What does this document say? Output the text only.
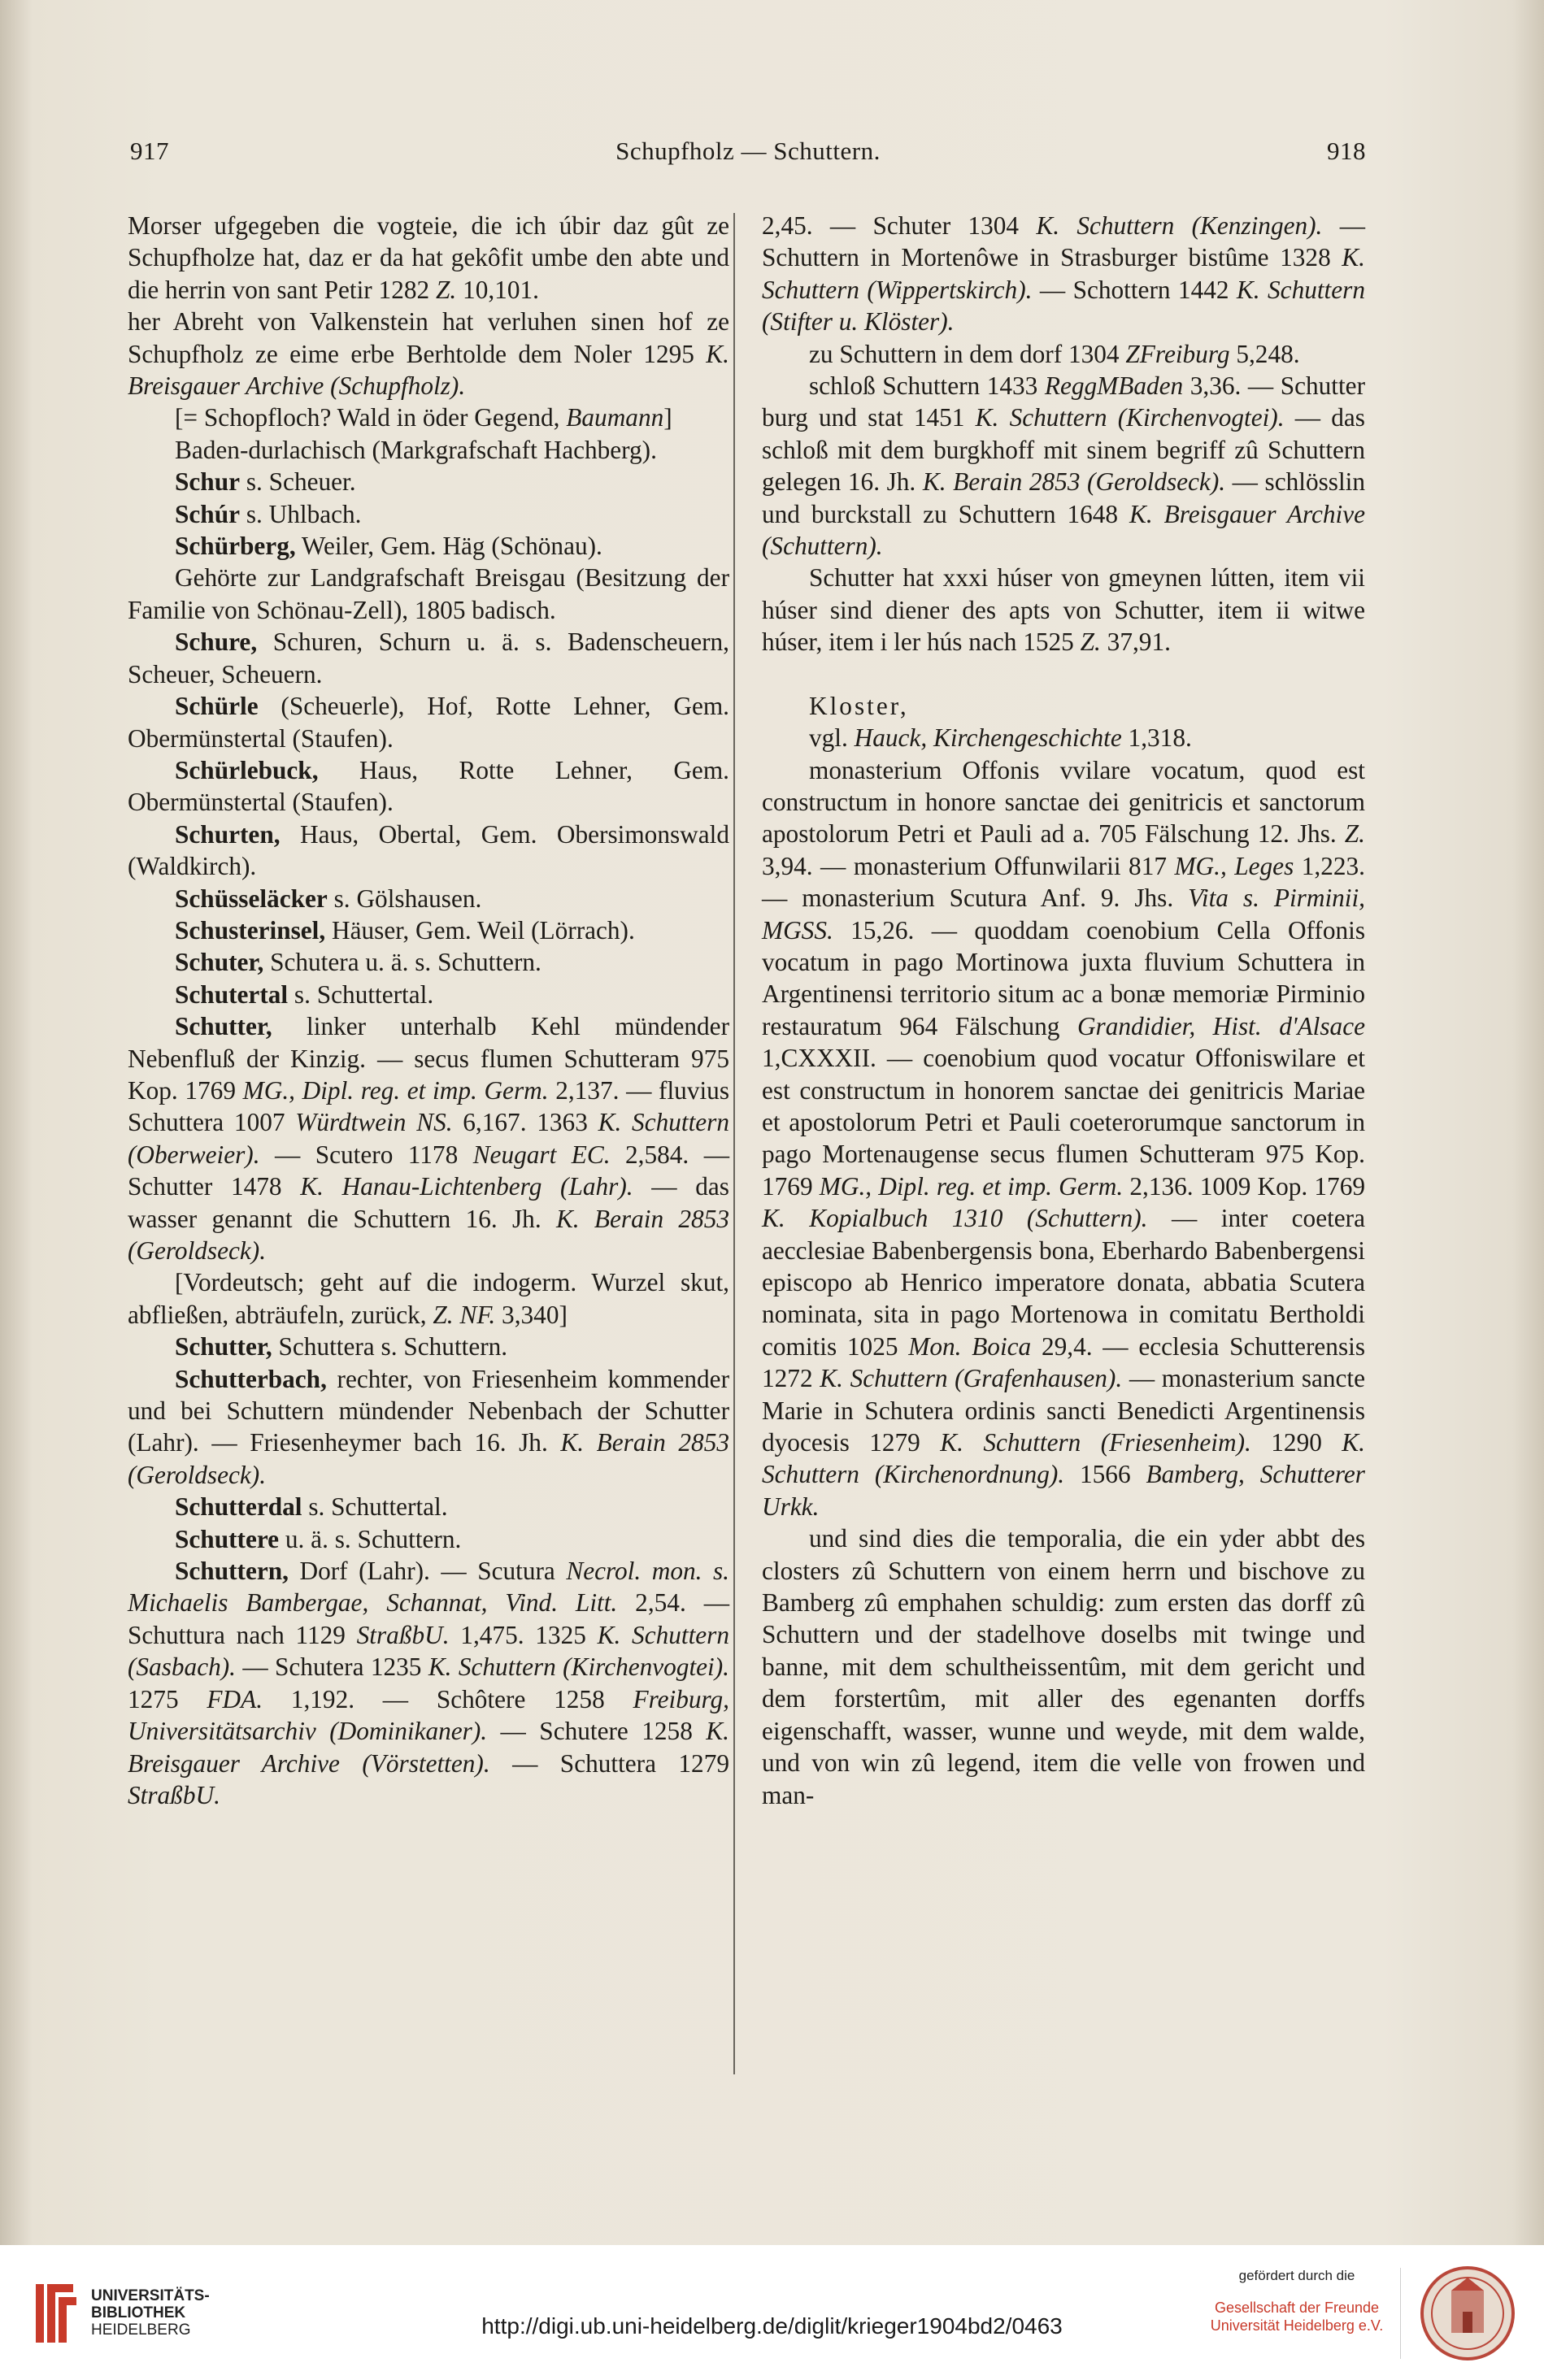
917	Schupfholz — Schuttern.	918

Morser ufgegeben die vogteie, die ich úbir daz gût ze Schupfholze hat, daz er da hat gekôfit umbe den abte und die herrin von sant Petir 1282 Z. 10,101.

her Abreht von Valkenstein hat verluhen sinen hof ze Schupfholz ze eime erbe Berhtolde dem Noler 1295 K. Breisgauer Archive (Schupfholz).

[= Schopfloch? Wald in öder Gegend, Baumann]

Baden-durlachisch (Markgrafschaft Hachberg).

Schur s. Scheuer.

Schúr s. Uhlbach.

Schürberg, Weiler, Gem. Häg (Schönau).

Gehörte zur Landgrafschaft Breisgau (Besitzung der Familie von Schönau-Zell), 1805 badisch.

Schure, Schuren, Schurn u. ä. s. Badenscheuern, Scheuer, Scheuern.

Schürle (Scheuerle), Hof, Rotte Lehner, Gem. Obermünstertal (Staufen).

Schürlebuck, Haus, Rotte Lehner, Gem. Obermünstertal (Staufen).

Schurten, Haus, Obertal, Gem. Obersimonswald (Waldkirch).

Schüsseläcker s. Gölshausen.

Schusterinsel, Häuser, Gem. Weil (Lörrach).

Schuter, Schutera u. ä. s. Schuttern.

Schutertal s. Schuttertal.

Schutter, linker unterhalb Kehl mündender Nebenfluß der Kinzig. — secus flumen Schutteram 975 Kop. 1769 MG., Dipl. reg. et imp. Germ. 2,137. — fluvius Schuttera 1007 Würdtwein NS. 6,167. 1363 K. Schuttern (Oberweier). — Scutero 1178 Neugart EC. 2,584. — Schutter 1478 K. Hanau-Lichtenberg (Lahr). — das wasser genannt die Schuttern 16. Jh. K. Berain 2853 (Geroldseck).

[Vordeutsch; geht auf die indogerm. Wurzel skut, abfließen, abträufeln, zurück, Z. NF. 3,340]

Schutter, Schuttera s. Schuttern.

Schutterbach, rechter, von Friesenheim kommender und bei Schuttern mündender Nebenbach der Schutter (Lahr). — Friesenheymer bach 16. Jh. K. Berain 2853 (Geroldseck).

Schutterdal s. Schuttertal.

Schuttere u. ä. s. Schuttern.

Schuttern, Dorf (Lahr). — Scutura Necrol. mon. s. Michaelis Bambergae, Schannat, Vind. Litt. 2,54. — Schuttura nach 1129 StraßbU. 1,475. 1325 K. Schuttern (Sasbach). — Schutera 1235 K. Schuttern (Kirchenvogtei). 1275 FDA. 1,192. — Schôtere 1258 Freiburg, Universitätsarchiv (Dominikaner). — Schutere 1258 K. Breisgauer Archive (Vörstetten). — Schuttera 1279 StraßbU.

2,45. — Schuter 1304 K. Schuttern (Kenzingen). — Schuttern in Mortenôwe in Strasburger bistûme 1328 K. Schuttern (Wippertskirch). — Schottern 1442 K. Schuttern (Stifter u. Klöster).

zu Schuttern in dem dorf 1304 ZFreiburg 5,248.

schloß Schuttern 1433 ReggMBaden 3,36. — Schutter burg und stat 1451 K. Schuttern (Kirchenvogtei). — das schloß mit dem burgkhoff mit sinem begriff zû Schuttern gelegen 16. Jh. K. Berain 2853 (Geroldseck). — schlösslin und burckstall zu Schuttern 1648 K. Breisgauer Archive (Schuttern).

Schutter hat xxxi húser von gmeynen lútten, item vii húser sind diener des apts von Schutter, item ii witwe húser, item i ler hús nach 1525 Z. 37,91.

Kloster,

vgl. Hauck, Kirchengeschichte 1,318.

monasterium Offonis vvilare vocatum, quod est constructum in honore sanctae dei genitricis et sanctorum apostolorum Petri et Pauli ad a. 705 Fälschung 12. Jhs. Z. 3,94. — monasterium Offunwilarii 817 MG., Leges 1,223. — monasterium Scutura Anf. 9. Jhs. Vita s. Pirminii, MGSS. 15,26. — quoddam coenobium Cella Offonis vocatum in pago Mortinowa juxta fluvium Schuttera in Argentinensi territorio situm ac a bonæ memoriæ Pirminio restauratum 964 Fälschung Grandidier, Hist. d'Alsace 1,CXXXII. — coenobium quod vocatur Offoniswilare et est constructum in honorem sanctae dei genitricis Mariae et apostolorum Petri et Pauli coeterorumque sanctorum in pago Mortenaugense secus flumen Schutteram 975 Kop. 1769 MG., Dipl. reg. et imp. Germ. 2,136. 1009 Kop. 1769 K. Kopialbuch 1310 (Schuttern). — inter coetera aecclesiae Babenbergensis bona, Eberhardo Babenbergensi episcopo ab Henrico imperatore donata, abbatia Scutera nominata, sita in pago Mortenowa in comitatu Bertholdi comitis 1025 Mon. Boica 29,4. — ecclesia Schutterensis 1272 K. Schuttern (Grafenhausen). — monasterium sancte Marie in Schutera ordinis sancti Benedicti Argentinensis dyocesis 1279 K. Schuttern (Friesenheim). 1290 K. Schuttern (Kirchenordnung). 1566 Bamberg, Schutterer Urkk.

und sind dies die temporalia, die ein yder abbt des closters zû Schuttern von einem herrn und bischove zu Bamberg zû emphahen schuldig: zum ersten das dorff zû Schuttern und der stadelhove doselbs mit twinge und banne, mit dem schultheissentûm, mit dem gericht und dem forstertûm, mit aller des egenanten dorffs eigenschafft, wasser, wunne und weyde, mit dem walde, und von win zû legend, item die velle von frowen und man-

UNIVERSITÄTS-
BIBLIOTHEK
HEIDELBERG	http://digi.ub.uni-heidelberg.de/diglit/krieger1904bd2/0463
gefördert durch die
Gesellschaft der Freunde
Universität Heidelberg e.V.
